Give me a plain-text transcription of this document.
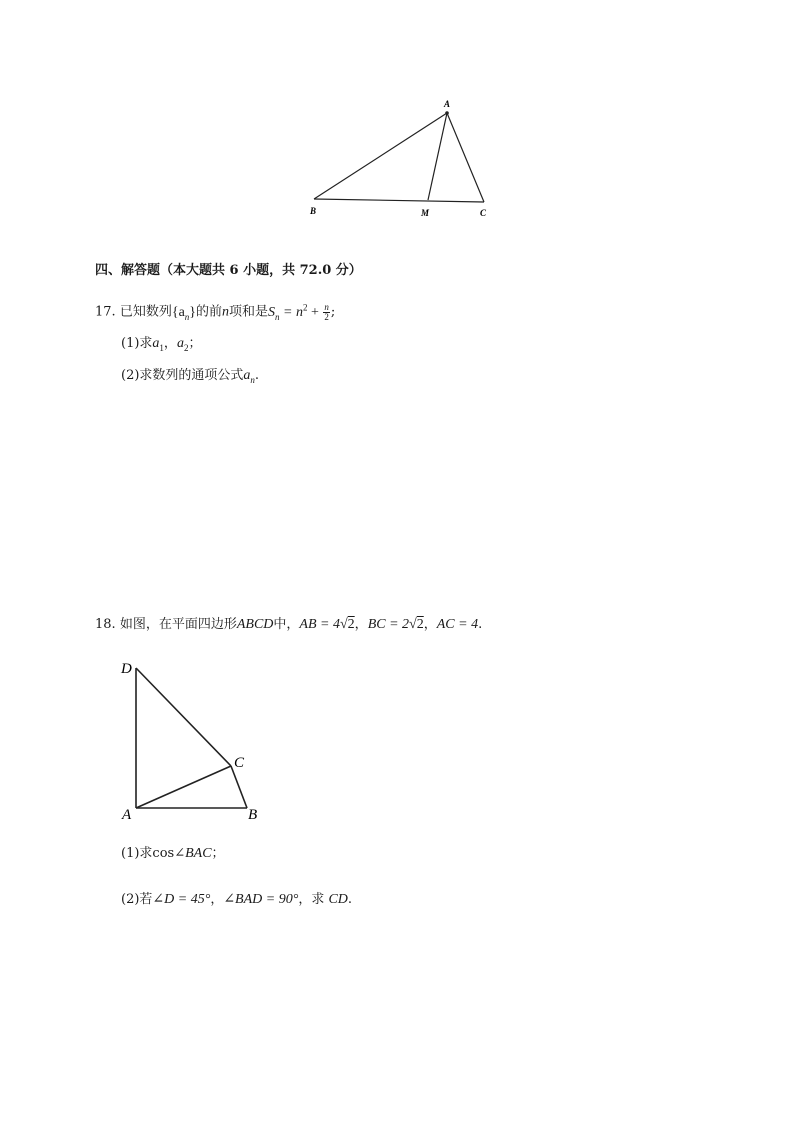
A
B	M	C
四、解答题（本大题共 6 小题，共 72.0 分）
17. 已知数列$\{a_n\}$的前n项和是$S_n = n^2 + \frac{n}{2}$ ;
(1)求$a_1$，$a_2$；
(2)求数列的通项公式$a_n$.
18. 如图，在平面四边形ABCD中，AB = 4√2，BC = 2√2，AC = 4.
D
C
A	B
(1)求cos∠BAC；
(2)若∠D = 45°，∠BAD = 90°，求 CD.
